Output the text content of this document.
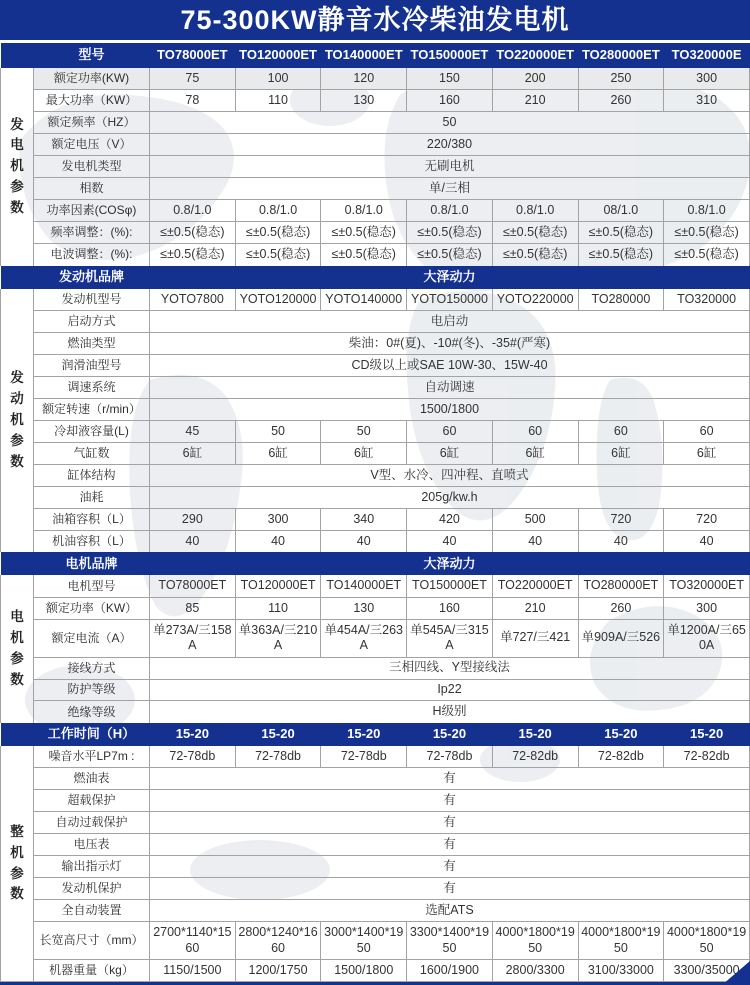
75-300KW静音水冷柴油发电机
	型号	TO78000ET	TO120000ET	TO140000ET	TO150000ET	TO220000ET	TO280000ET	TO320000E

发
电
机
参
数	额定功率(KW)	75	100	120	150	200	250	300
	最大功率（KW）	78	110	130	160	210	260	310
	额定频率（HZ）	50						
	额定电压（V）	220/380						
	发电机类型	无刷电机						
	相数	单/三相						
	功率因素(COSφ)	0.8/1.0	0.8/1.0	0.8/1.0	0.8/1.0	0.8/1.0	08/1.0	0.8/1.0
	频率调整：(%):	≤±0.5(稳态)	≤±0.5(稳态)	≤±0.5(稳态)	≤±0.5(稳态)	≤±0.5(稳态)	≤±0.5(稳态)	≤±0.5(稳态)
	电波调整：(%):	≤±0.5(稳态)	≤±0.5(稳态)	≤±0.5(稳态)	≤±0.5(稳态)	≤±0.5(稳态)	≤±0.5(稳态)	≤±0.5(稳态)
	发动机品牌	大泽动力						

发
动
机
参
数	发动机型号	YOTO7800	YOTO120000	YOTO140000	YOTO150000	YOTO220000	TO280000	TO320000
	启动方式	电启动						
	燃油类型	柴油：0#(夏)、-10#(冬)、-35#(严寒)						
	润滑油型号	CD级以上或SAE 10W-30、15W-40						
	调速系统	自动调速						
	额定转速（r/min）	1500/1800						
	冷却液容量(L)	45	50	50	60	60	60	60
	气缸数	6缸	6缸	6缸	6缸	6缸	6缸	6缸
	缸体结构	V型、水冷、四冲程、直喷式						
	油耗	205g/kw.h						
	油箱容积（L）	290	300	340	420	500	720	720
	机油容积（L）	40	40	40	40	40	40	40
	电机品牌	大泽动力						

电
机
参
数	电机型号	TO78000ET	TO120000ET	TO140000ET	TO150000ET	TO220000ET	TO280000ET	TO320000ET
	额定功率（KW）	85	110	130	160	210	260	300
	额定电流（A）	单273A/三158A	单363A/三210A	单454A/三263A	单545A/三315A	单727/三421	单909A/三526	单1200A/三650A
	接线方式	三相四线、Y型接线法						
	防护等级	Ip22						
	绝缘等级	H级别						
	工作时间（H）	15-20	15-20	15-20	15-20	15-20	15-20	15-20

整
机
参
数	噪音水平LP7m :	72-78db	72-78db	72-78db	72-78db	72-82db	72-82db	72-82db
	燃油表	有						
	超载保护	有						
	自动过载保护	有						
	电压表	有						
	输出指示灯	有						
	发动机保护	有						
	全自动装置	选配ATS						
	长宽高尺寸（mm）	2700*1140*1560	2800*1240*1660	3000*1400*1950	3300*1400*1950	4000*1800*1950	4000*1800*1950	4000*1800*1950
	机器重量（kg）	1150/1500	1200/1750	1500/1800	1600/1900	2800/3300	3100/33000	3300/35000
